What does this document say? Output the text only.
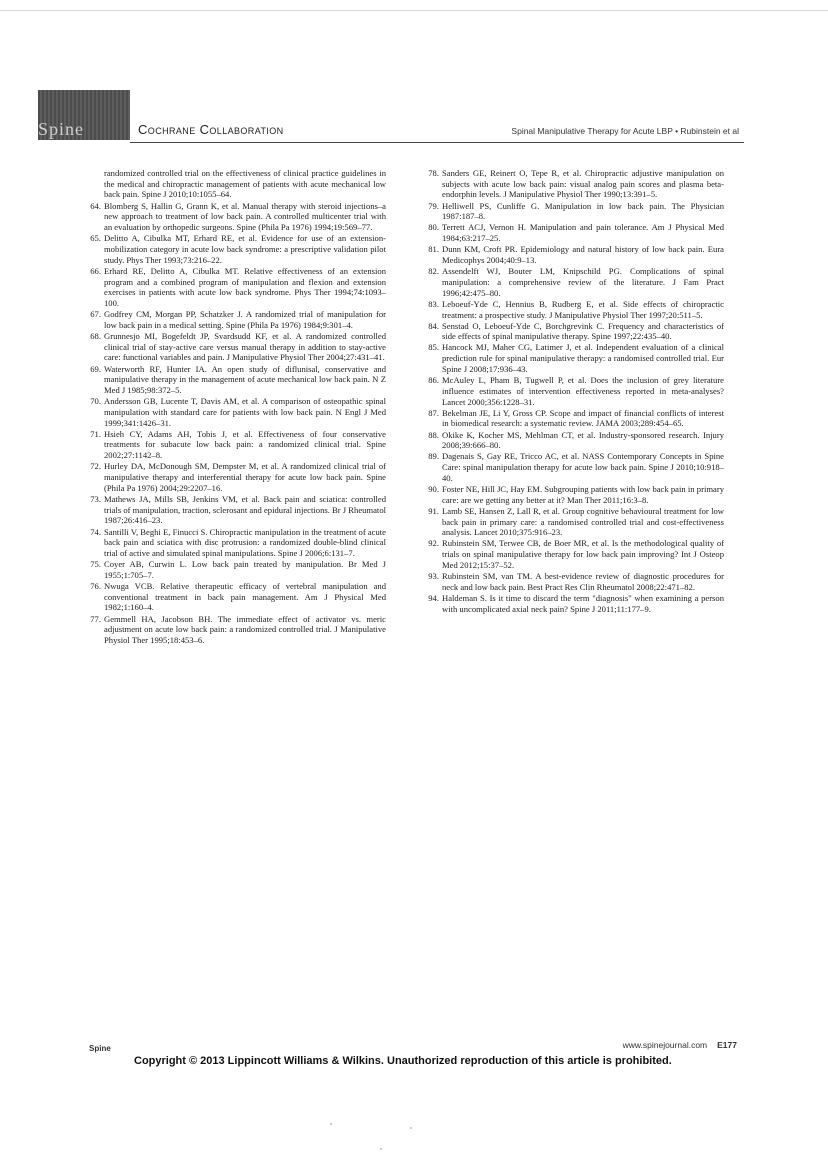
Spine	Cochrane Collaboration	Spinal Manipulative Therapy for Acute LBP • Rubinstein et al
randomized controlled trial on the effectiveness of clinical practice guidelines in the medical and chiropractic management of patients with acute mechanical low back pain. Spine J 2010;10:1055–64.
64. Blomberg S, Hallin G, Grann K, et al. Manual therapy with steroid injections–a new approach to treatment of low back pain. A controlled multicenter trial with an evaluation by orthopedic surgeons. Spine (Phila Pa 1976) 1994;19:569–77.
65. Delitto A, Cibulka MT, Erhard RE, et al. Evidence for use of an extension-mobilization category in acute low back syndrome: a prescriptive validation pilot study. Phys Ther 1993;73:216–22.
66. Erhard RE, Delitto A, Cibulka MT. Relative effectiveness of an extension program and a combined program of manipulation and flexion and extension exercises in patients with acute low back syndrome. Phys Ther 1994;74:1093–100.
67. Godfrey CM, Morgan PP, Schatzker J. A randomized trial of manipulation for low back pain in a medical setting. Spine (Phila Pa 1976) 1984;9:301–4.
68. Grunnesjo MI, Bogefeldt JP, Svardsudd KF, et al. A randomized controlled clinical trial of stay-active care versus manual therapy in addition to stay-active care: functional variables and pain. J Manipulative Physiol Ther 2004;27:431–41.
69. Waterworth RF, Hunter IA. An open study of diflunisal, conservative and manipulative therapy in the management of acute mechanical low back pain. N Z Med J 1985;98:372–5.
70. Andersson GB, Lucente T, Davis AM, et al. A comparison of osteopathic spinal manipulation with standard care for patients with low back pain. N Engl J Med 1999;341:1426–31.
71. Hsieh CY, Adams AH, Tobis J, et al. Effectiveness of four conservative treatments for subacute low back pain: a randomized clinical trial. Spine 2002;27:1142–8.
72. Hurley DA, McDonough SM, Dempster M, et al. A randomized clinical trial of manipulative therapy and interferential therapy for acute low back pain. Spine (Phila Pa 1976) 2004;29:2207–16.
73. Mathews JA, Mills SB, Jenkins VM, et al. Back pain and sciatica: controlled trials of manipulation, traction, sclerosant and epidural injections. Br J Rheumatol 1987;26:416–23.
74. Santilli V, Beghi E, Finucci S. Chiropractic manipulation in the treatment of acute back pain and sciatica with disc protrusion: a randomized double-blind clinical trial of active and simulated spinal manipulations. Spine J 2006;6:131–7.
75. Coyer AB, Curwin L. Low back pain treated by manipulation. Br Med J 1955;1:705–7.
76. Nwuga VCB. Relative therapeutic efficacy of vertebral manipulation and conventional treatment in back pain management. Am J Physical Med 1982;1:160–4.
77. Gemmell HA, Jacobson BH. The immediate effect of activator vs. meric adjustment on acute low back pain: a randomized controlled trial. J Manipulative Physiol Ther 1995;18:453–6.
78. Sanders GE, Reinert O, Tepe R, et al. Chiropractic adjustive manipulation on subjects with acute low back pain: visual analog pain scores and plasma beta-endorphin levels. J Manipulative Physiol Ther 1990;13:391–5.
79. Helliwell PS, Cunliffe G. Manipulation in low back pain. The Physician 1987:187–8.
80. Terrett ACJ, Vernon H. Manipulation and pain tolerance. Am J Physical Med 1984;63:217–25.
81. Dunn KM, Croft PR. Epidemiology and natural history of low back pain. Eura Medicophys 2004;40:9–13.
82. Assendelft WJ, Bouter LM, Knipschild PG. Complications of spinal manipulation: a comprehensive review of the literature. J Fam Pract 1996;42:475–80.
83. Leboeuf-Yde C, Hennius B, Rudberg E, et al. Side effects of chiropractic treatment: a prospective study. J Manipulative Physiol Ther 1997;20:511–5.
84. Senstad O, Leboeuf-Yde C, Borchgrevink C. Frequency and characteristics of side effects of spinal manipulative therapy. Spine 1997;22:435–40.
85. Hancock MJ, Maher CG, Latimer J, et al. Independent evaluation of a clinical prediction rule for spinal manipulative therapy: a randomised controlled trial. Eur Spine J 2008;17:936–43.
86. McAuley L, Pham B, Tugwell P, et al. Does the inclusion of grey literature influence estimates of intervention effectiveness reported in meta-analyses? Lancet 2000;356:1228–31.
87. Bekelman JE, Li Y, Gross CP. Scope and impact of financial conflicts of interest in biomedical research: a systematic review. JAMA 2003;289:454–65.
88. Okike K, Kocher MS, Mehlman CT, et al. Industry-sponsored research. Injury 2008;39:666–80.
89. Dagenais S, Gay RE, Tricco AC, et al. NASS Contemporary Concepts in Spine Care: spinal manipulation therapy for acute low back pain. Spine J 2010;10:918–40.
90. Foster NE, Hill JC, Hay EM. Subgrouping patients with low back pain in primary care: are we getting any better at it? Man Ther 2011;16:3–8.
91. Lamb SE, Hansen Z, Lall R, et al. Group cognitive behavioural treatment for low back pain in primary care: a randomised controlled trial and cost-effectiveness analysis. Lancet 2010;375:916–23.
92. Rubinstein SM, Terwee CB, de Boer MR, et al. Is the methodological quality of trials on spinal manipulative therapy for low back pain improving? Int J Osteop Med 2012;15:37–52.
93. Rubinstein SM, van TM. A best-evidence review of diagnostic procedures for neck and low back pain. Best Pract Res Clin Rheumatol 2008;22:471–82.
94. Haldeman S. Is it time to discard the term "diagnosis" when examining a person with uncomplicated axial neck pain? Spine J 2011;11:177–9.
Spine	www.spinejournal.com E177
Copyright © 2013 Lippincott Williams & Wilkins. Unauthorized reproduction of this article is prohibited.
